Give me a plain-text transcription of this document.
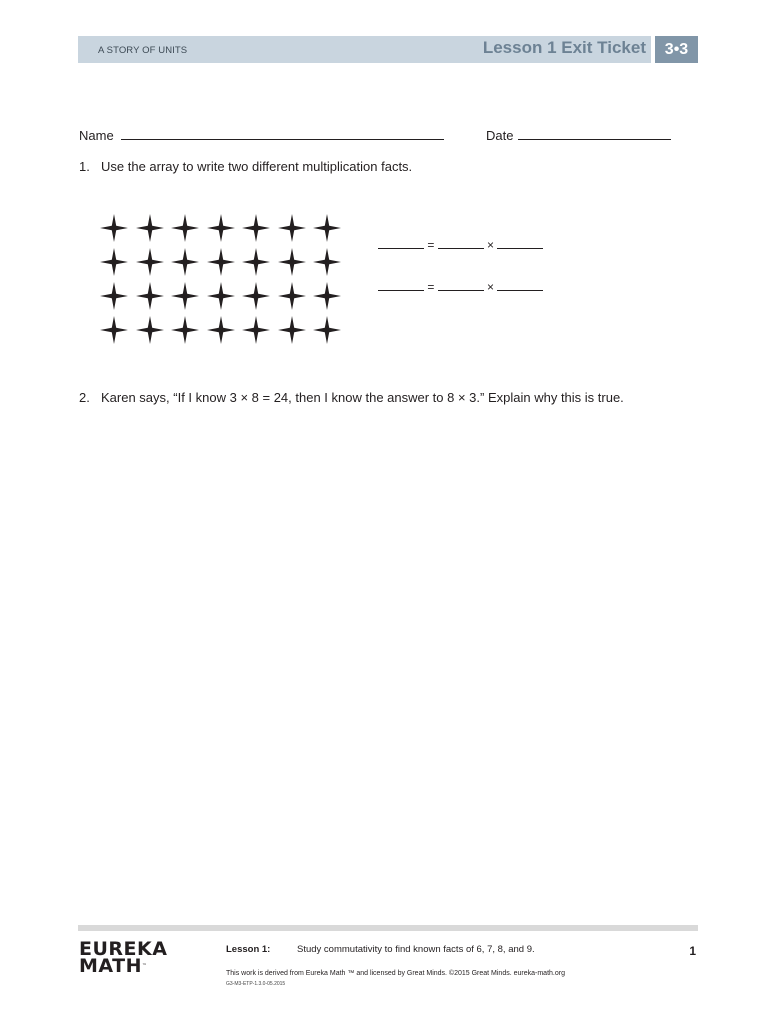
A STORY OF UNITS	Lesson 1 Exit Ticket	3•3
Name	Date
1. Use the array to write two different multiplication facts.
=	×
=	×
2. Karen says, “If I know 3 × 8 = 24, then I know the answer to 8 × 3.” Explain why this is true.
EUREKA
MATH™
Lesson 1:	Study commutativity to find known facts of 6, 7, 8, and 9.	1
This work is derived from Eureka Math ™ and licensed by Great Minds. ©2015 Great Minds. eureka-math.org
G3-M3-ETP-1.3.0-05.2015
